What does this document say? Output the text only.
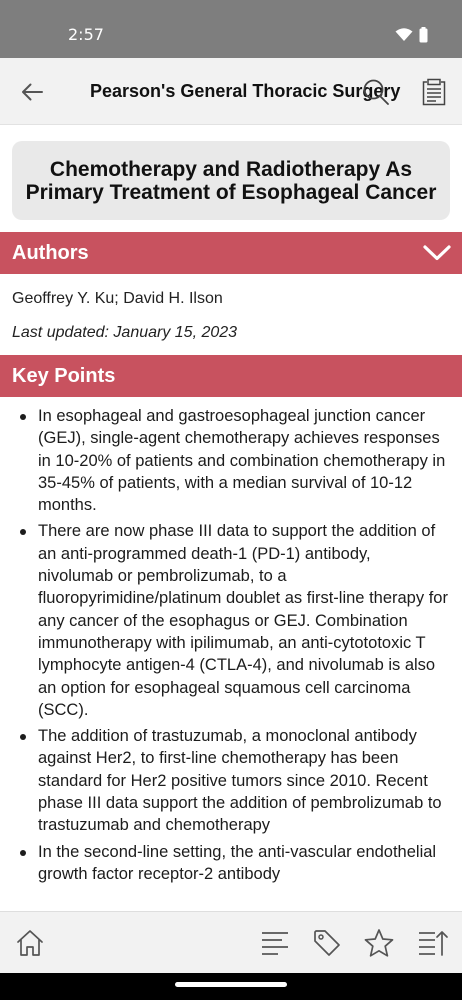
2:57
Pearson's General Thoracic Surgery
Chemotherapy and Radiotherapy As Primary Treatment of Esophageal Cancer
Authors
Geoffrey Y. Ku; David H. Ilson
Last updated: January 15, 2023
Key Points
In esophageal and gastroesophageal junction cancer (GEJ), single-agent chemotherapy achieves responses in 10-20% of patients and combination chemotherapy in 35-45% of patients, with a median survival of 10-12 months.
There are now phase III data to support the addition of an anti-programmed death-1 (PD-1) antibody, nivolumab or pembrolizumab, to a fluoropyrimidine/platinum doublet as first-line therapy for any cancer of the esophagus or GEJ. Combination immunotherapy with ipilimumab, an anti-cytototoxic T lymphocyte antigen-4 (CTLA-4), and nivolumab is also an option for esophageal squamous cell carcinoma (SCC).
The addition of trastuzumab, a monoclonal antibody against Her2, to first-line chemotherapy has been standard for Her2 positive tumors since 2010. Recent phase III data support the addition of pembrolizumab to trastuzumab and chemotherapy
In the second-line setting, the anti-vascular endothelial growth factor receptor-2 antibody
